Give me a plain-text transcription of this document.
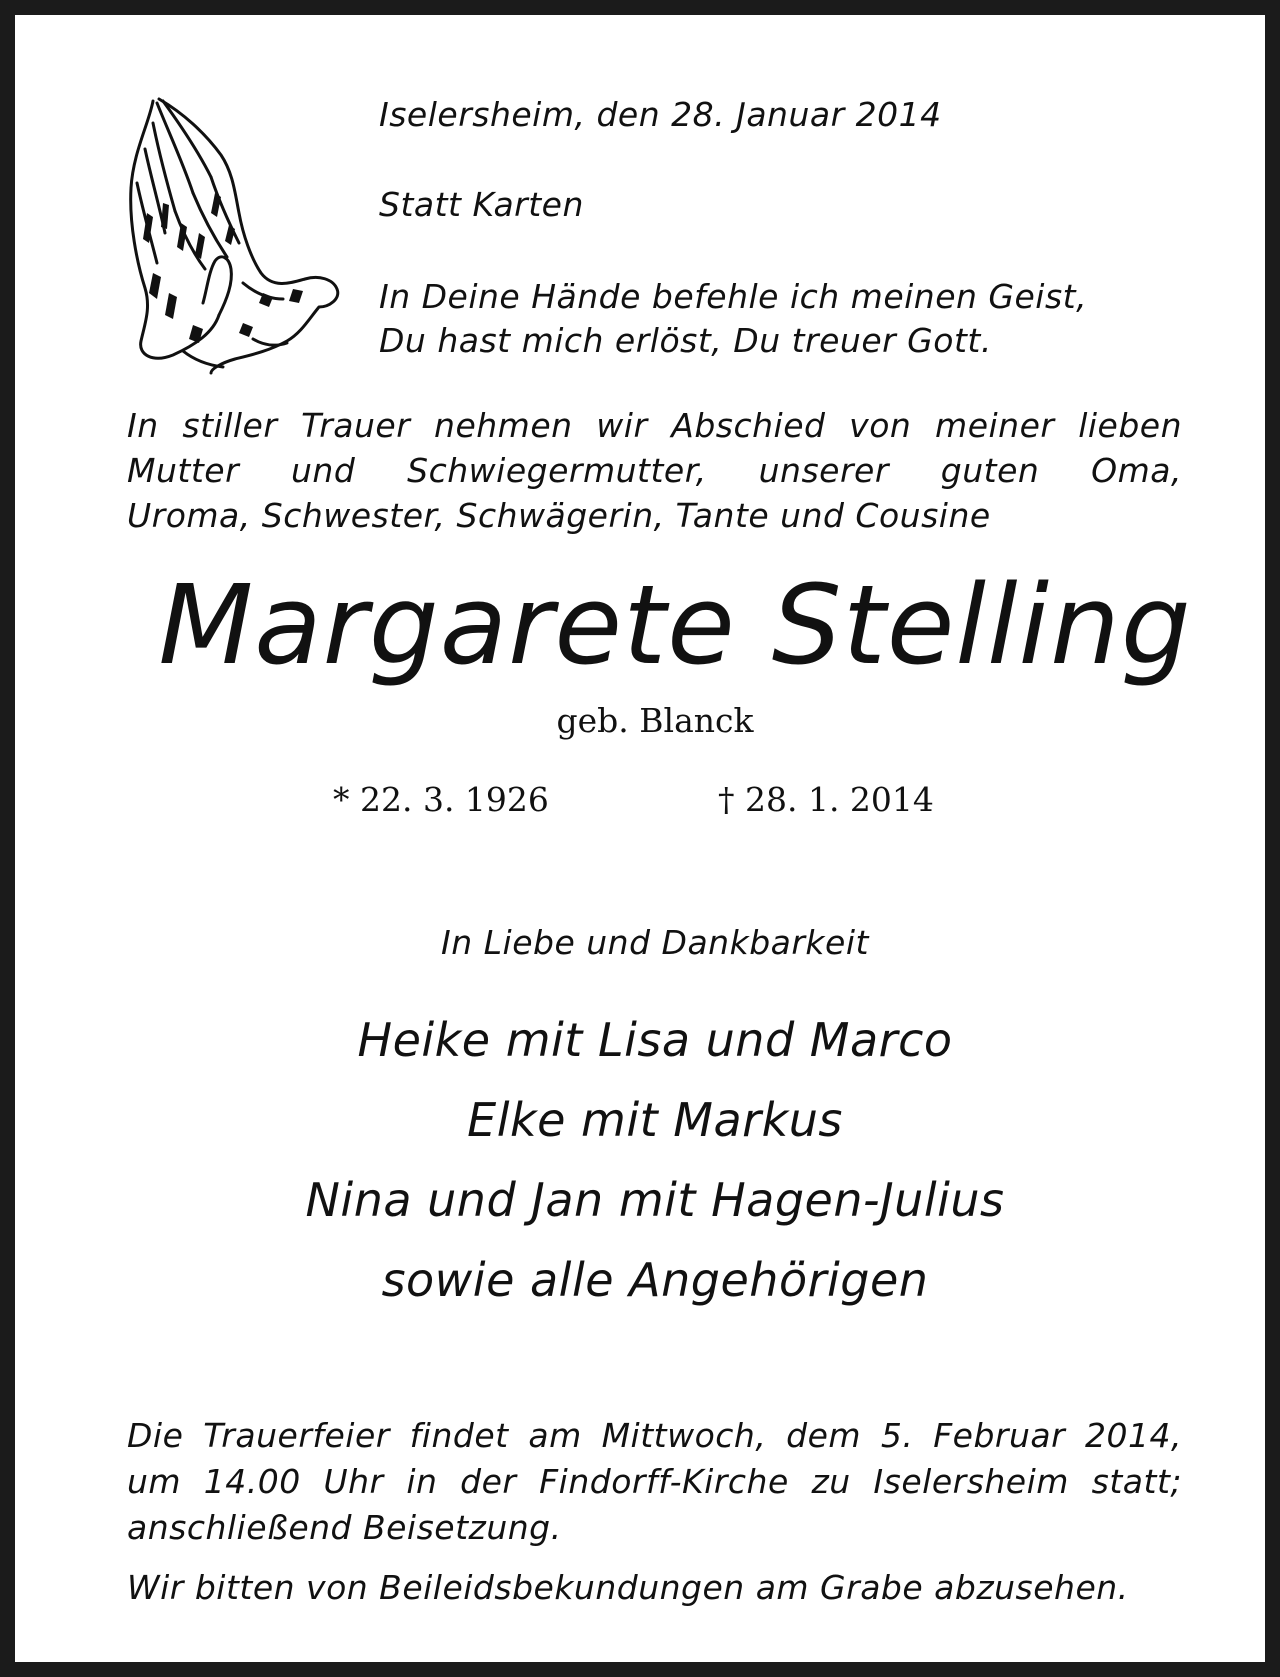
Iselersheim, den 28. Januar 2014
Statt Karten
In Deine Hände befehle ich meinen Geist,
Du hast mich erlöst, Du treuer Gott.
In stiller Trauer nehmen wir Abschied von meiner lieben
Mutter und Schwiegermutter, unserer guten Oma,
Uroma, Schwester, Schwägerin, Tante und Cousine
Margarete Stelling
geb. Blanck
* 22. 3. 1926	† 28. 1. 2014
In Liebe und Dankbarkeit
Heike mit Lisa und Marco
Elke mit Markus
Nina und Jan mit Hagen-Julius
sowie alle Angehörigen
Die Trauerfeier findet am Mittwoch, dem 5. Februar 2014,
um 14.00 Uhr in der Findorff-Kirche zu Iselersheim statt;
anschließend Beisetzung.
Wir bitten von Beileidsbekundungen am Grabe abzusehen.
